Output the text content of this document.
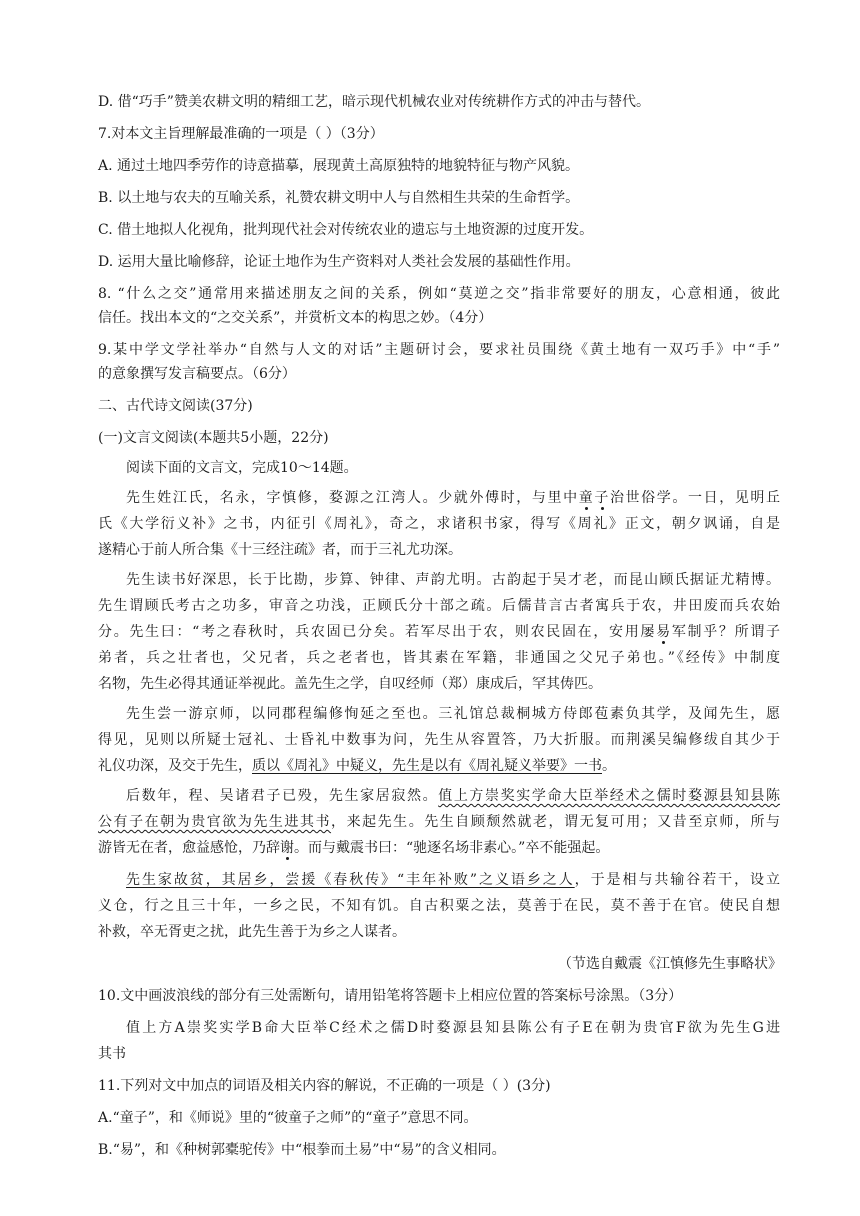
D. 借“巧手”赞美农耕文明的精细工艺，暗示现代机械农业对传统耕作方式的冲击与替代。
7.对本文主旨理解最准确的一项是（ ）（3分）
A. 通过土地四季劳作的诗意描摹，展现黄土高原独特的地貌特征与物产风貌。
B. 以土地与农夫的互喻关系，礼赞农耕文明中人与自然相生共荣的生命哲学。
C. 借土地拟人化视角，批判现代社会对传统农业的遗忘与土地资源的过度开发。
D. 运用大量比喻修辞，论证土地作为生产资料对人类社会发展的基础性作用。
8. “什么之交”通常用来描述朋友之间的关系，例如“莫逆之交”指非常要好的朋友，心意相通，彼此
信任。找出本文的“之交关系”，并赏析文本的构思之妙。（4分）
9.某中学文学社举办“自然与人文的对话”主题研讨会，要求社员围绕《黄土地有一双巧手》中“手”
的意象撰写发言稿要点。（6分）
二、古代诗文阅读(37分)
(一)文言文阅读(本题共5小题，22分)
阅读下面的文言文，完成10～14题。
先生姓江氏，名永，字慎修，婺源之江湾人。少就外傅时，与里中童子治世俗学。一日，见明丘
氏《大学衍义补》之书，内征引《周礼》，奇之，求诸积书家，得写《周礼》正文，朝夕讽诵，自是
遂精心于前人所合集《十三经注疏》者，而于三礼尤功深。
先生读书好深思，长于比勘，步算、钟律、声韵尤明。古韵起于吴才老，而昆山顾氏据证尤精博。
先生谓顾氏考古之功多，审音之功浅，正顾氏分十部之疏。后儒昔言古者寓兵于农，井田废而兵农始
分。先生曰：“考之春秋时，兵农固已分矣。若军尽出于农，则农民固在，安用屡易军制乎？所谓子
弟者，兵之壮者也，父兄者，兵之老者也，皆其素在军籍，非通国之父兄子弟也。”《经传》中制度
名物，先生必得其通证举视此。盖先生之学，自叹经师（郑）康成后，罕其俦匹。
先生尝一游京师，以同郡程编修恂延之至也。三礼馆总裁桐城方侍郎苞素负其学，及闻先生，愿
得见，见则以所疑士冠礼、士昏礼中数事为问，先生从容置答，乃大折服。而荆溪吴编修绂自其少于
礼仪功深，及交于先生，质以《周礼》中疑义，先生是以有《周礼疑义举要》一书。
后数年，程、吴诸君子已殁，先生家居寂然。值上方崇奖实学命大臣举经术之儒时婺源县知县陈
公有子在朝为贵官欲为先生进其书，来起先生。先生自顾颓然就老，谓无复可用；又昔至京师，所与
游皆无在者，愈益感怆，乃辞谢。而与戴震书曰：“驰逐名场非素心。”卒不能强起。
先生家故贫，其居乡，尝援《春秋传》“丰年补败”之义语乡之人，于是相与共输谷若干，设立
义仓，行之且三十年，一乡之民，不知有饥。自古积粟之法，莫善于在民，莫不善于在官。使民自想
补救，卒无胥吏之扰，此先生善于为乡之人谋者。
（节选自戴震《江慎修先生事略状》
10.文中画波浪线的部分有三处需断句，请用铅笔将答题卡上相应位置的答案标号涂黑。（3分）
值上方A崇奖实学B命大臣举C经术之儒D时婺源县知县陈公有子E在朝为贵官F欲为先生G进
其书
11.下列对文中加点的词语及相关内容的解说，不正确的一项是（ ）(3分)
A.“童子”，和《师说》里的“彼童子之师”的“童子”意思不同。
B.“易”，和《种树郭橐驼传》中“根拳而土易”中“易”的含义相同。
